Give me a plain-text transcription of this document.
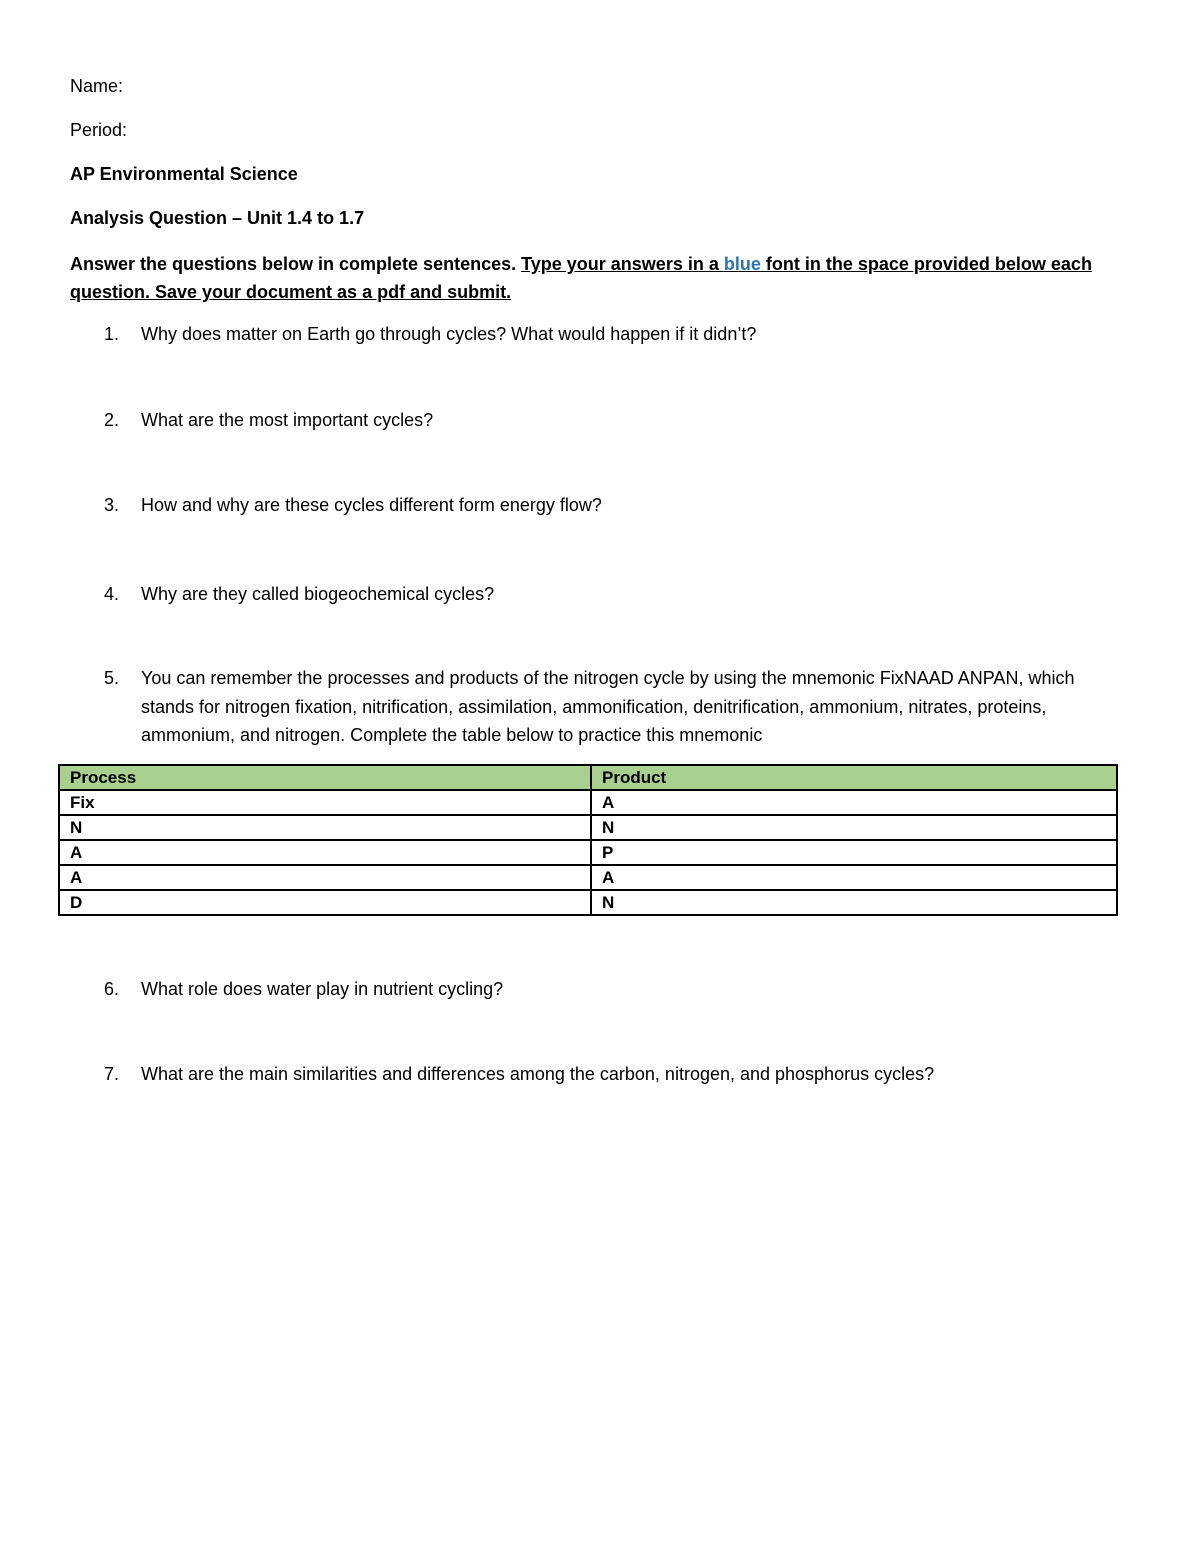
Name:
Period:
AP Environmental Science
Analysis Question – Unit 1.4 to 1.7
Answer the questions below in complete sentences. Type your answers in a blue font in the space provided below each question. Save your document as a pdf and submit.
1.	Why does matter on Earth go through cycles? What would happen if it didn’t?
2.	What are the most important cycles?
3.	How and why are these cycles different form energy flow?
4.	Why are they called biogeochemical cycles?
5.	You can remember the processes and products of the nitrogen cycle by using the mnemonic FixNAAD ANPAN, which stands for nitrogen fixation, nitrification, assimilation, ammonification, denitrification, ammonium, nitrates, proteins, ammonium, and nitrogen. Complete the table below to practice this mnemonic
Process	Product
Fix	A
N	N
A	P
A	A
D	N
6.	What role does water play in nutrient cycling?
7.	What are the main similarities and differences among the carbon, nitrogen, and phosphorus cycles?
